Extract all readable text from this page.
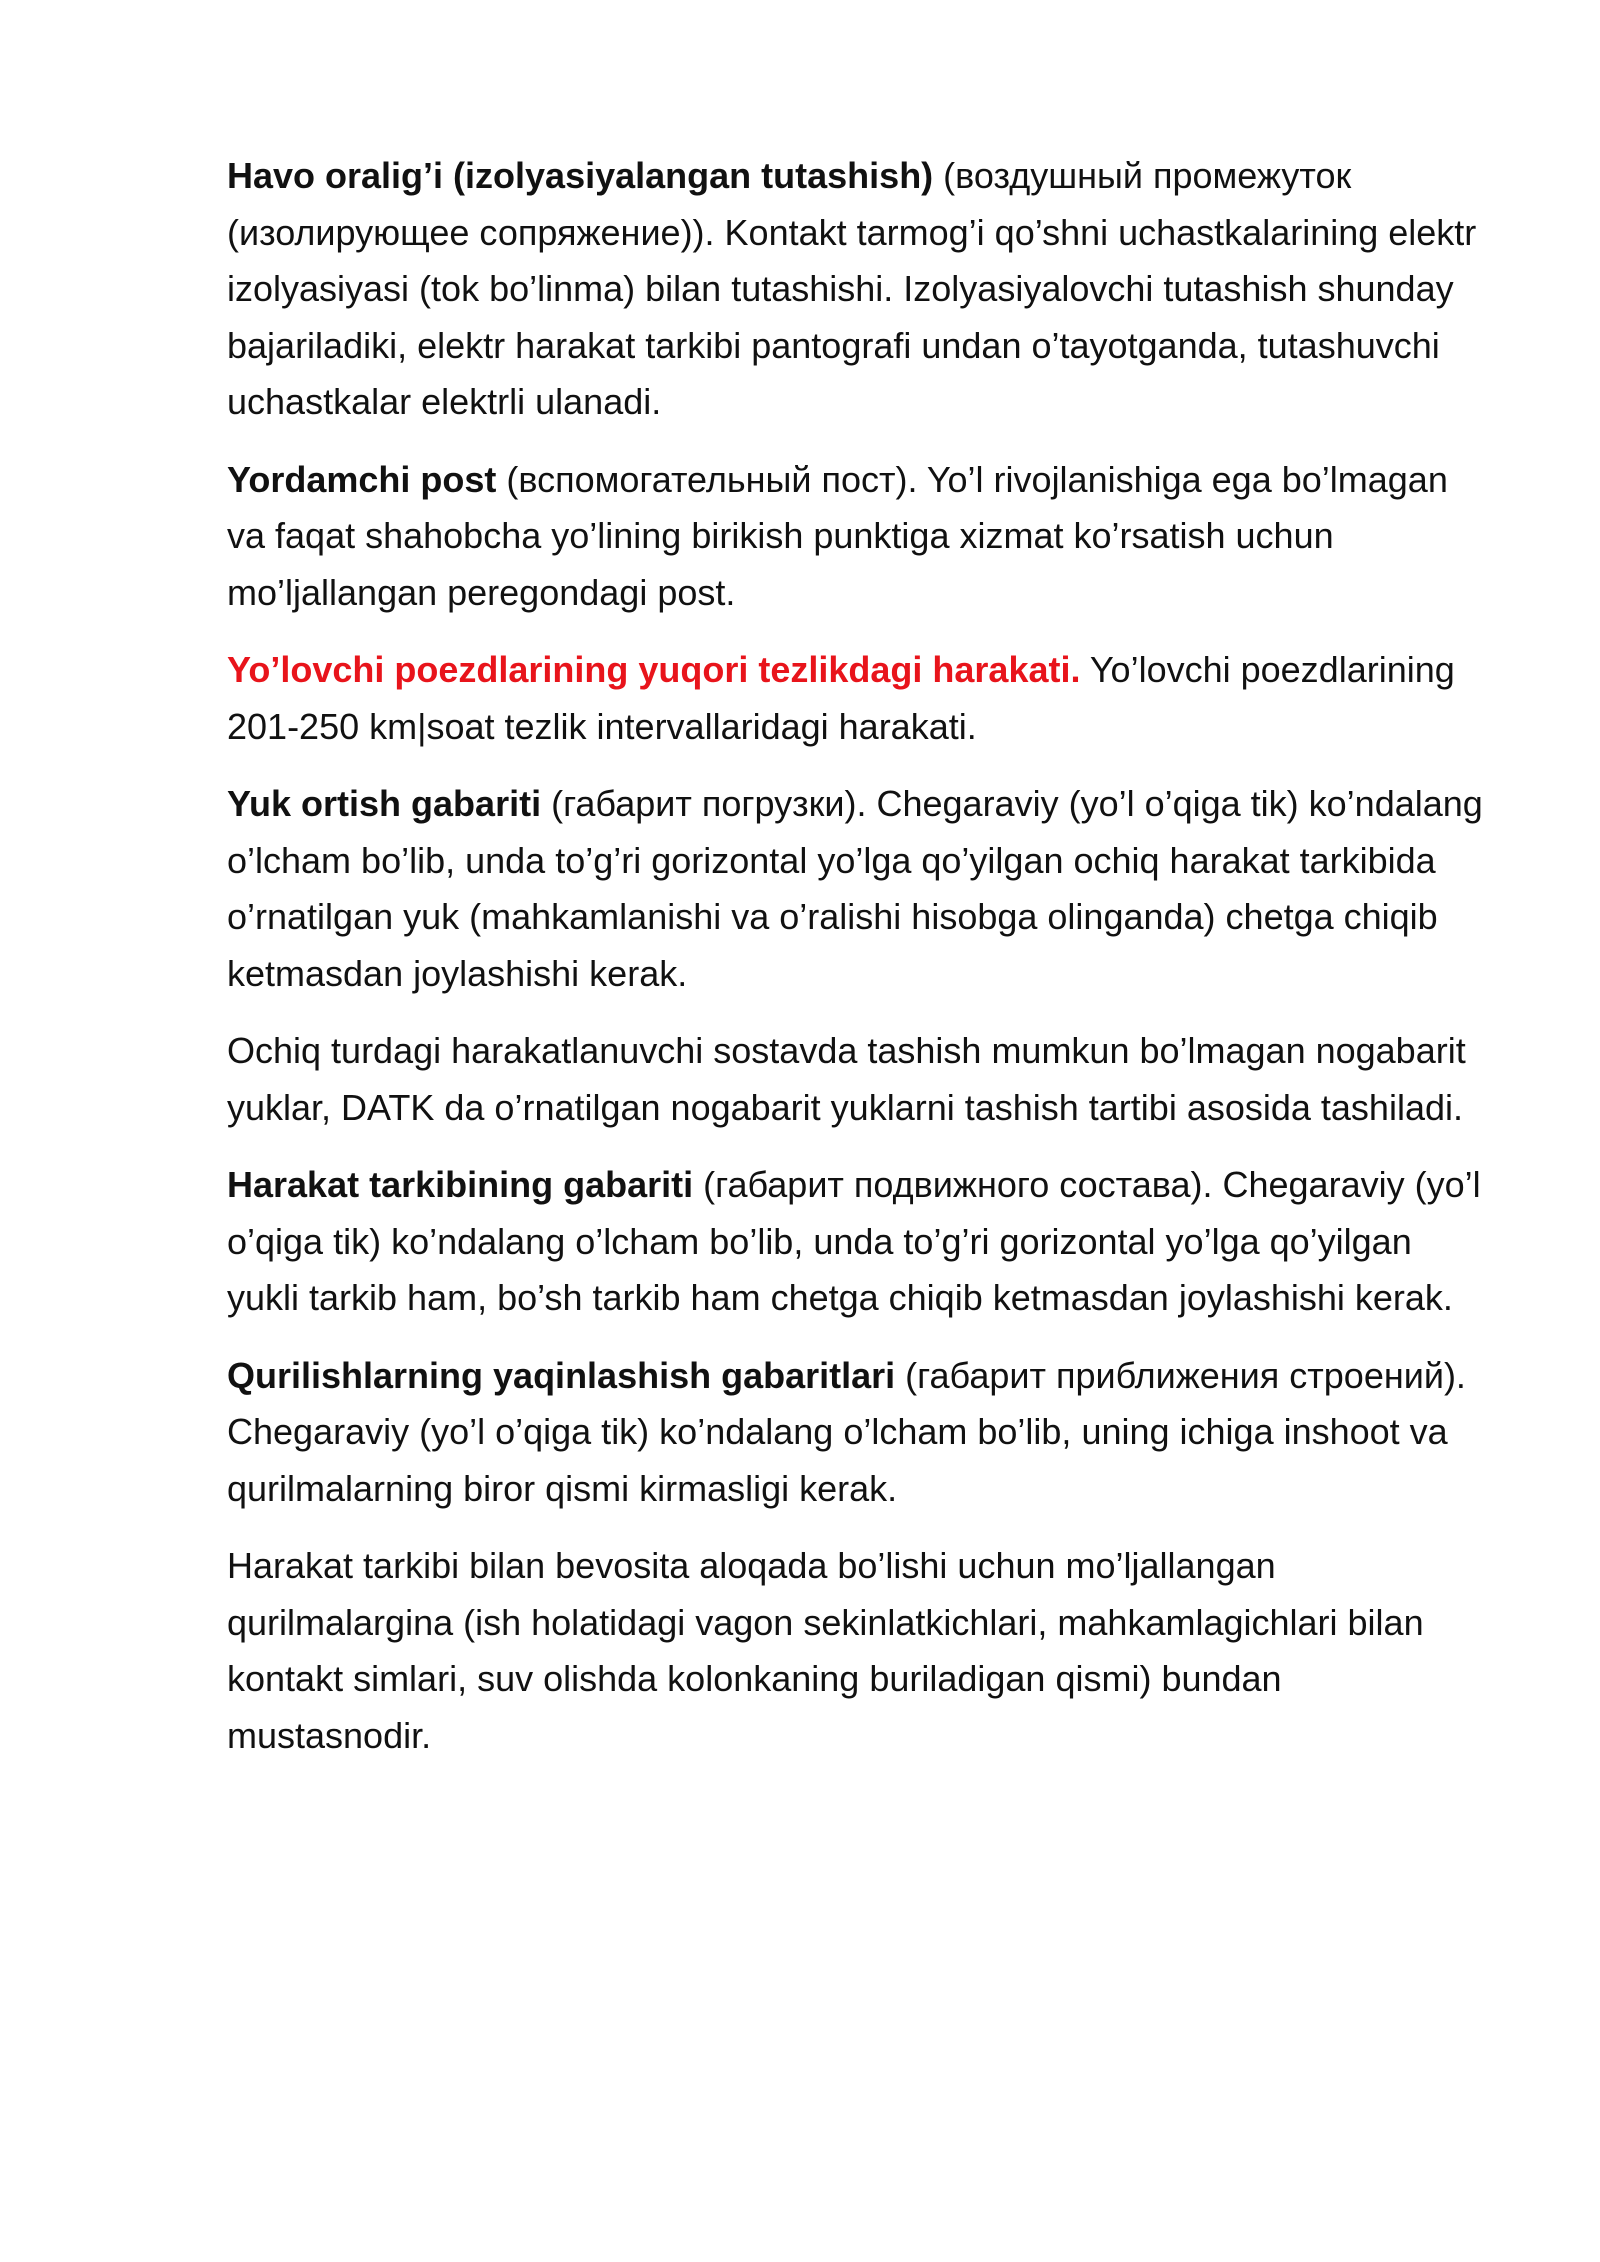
Havo oralig’i (izolyasiyalangan tutashish) (воздушный промежуток (изолирующее сопряжение)). Kontakt tarmog’i qo’shni uchastkalarining elektr izolyasiyasi (tok bo’linma) bilan tutashishi. Izolyasiyalovchi tutashish shunday bajariladiki, elektr harakat tarkibi pantografi undan o’tayotganda, tutashuvchi uchastkalar elektrli ulanadi.

Yordamchi post (вспомогательный пост). Yo’l rivojlanishiga ega bo’lmagan va faqat shahobcha yo’lining birikish punktiga xizmat ko’rsatish uchun mo’ljallangan peregondagi post.

Yo’lovchi poezdlarining yuqori tezlikdagi harakati. Yo’lovchi poezdlarining 201-250 km|soat tezlik intervallaridagi harakati.

Yuk ortish gabariti (габарит погрузки). Chegaraviy (yo’l o’qiga tik) ko’ndalang o’lcham bo’lib, unda to’g’ri gorizontal yo’lga qo’yilgan ochiq harakat tarkibida o’rnatilgan yuk (mahkamlanishi va o’ralishi hisobga olinganda) chetga chiqib ketmasdan joylashishi kerak.

Ochiq turdagi harakatlanuvchi sostavda tashish mumkun bo’lmagan nogabarit yuklar, DATK da o’rnatilgan nogabarit yuklarni tashish tartibi asosida tashiladi.

Harakat tarkibining gabariti (габарит подвижного состава). Chegaraviy (yo’l o’qiga tik) ko’ndalang o’lcham bo’lib, unda to’g’ri gorizontal yo’lga qo’yilgan yukli tarkib ham, bo’sh tarkib ham chetga chiqib ketmasdan joylashishi kerak.

Qurilishlarning yaqinlashish gabaritlari (габарит приближения строений). Chegaraviy (yo’l o’qiga tik) ko’ndalang o’lcham bo’lib, uning ichiga inshoot va qurilmalarning biror qismi kirmasligi kerak.

Harakat tarkibi bilan bevosita aloqada bo’lishi uchun mo’ljallangan qurilmalargina (ish holatidagi vagon sekinlatkichlari, mahkamlagichlari bilan kontakt simlari, suv olishda kolonkaning buriladigan qismi) bundan mustasnodir.
